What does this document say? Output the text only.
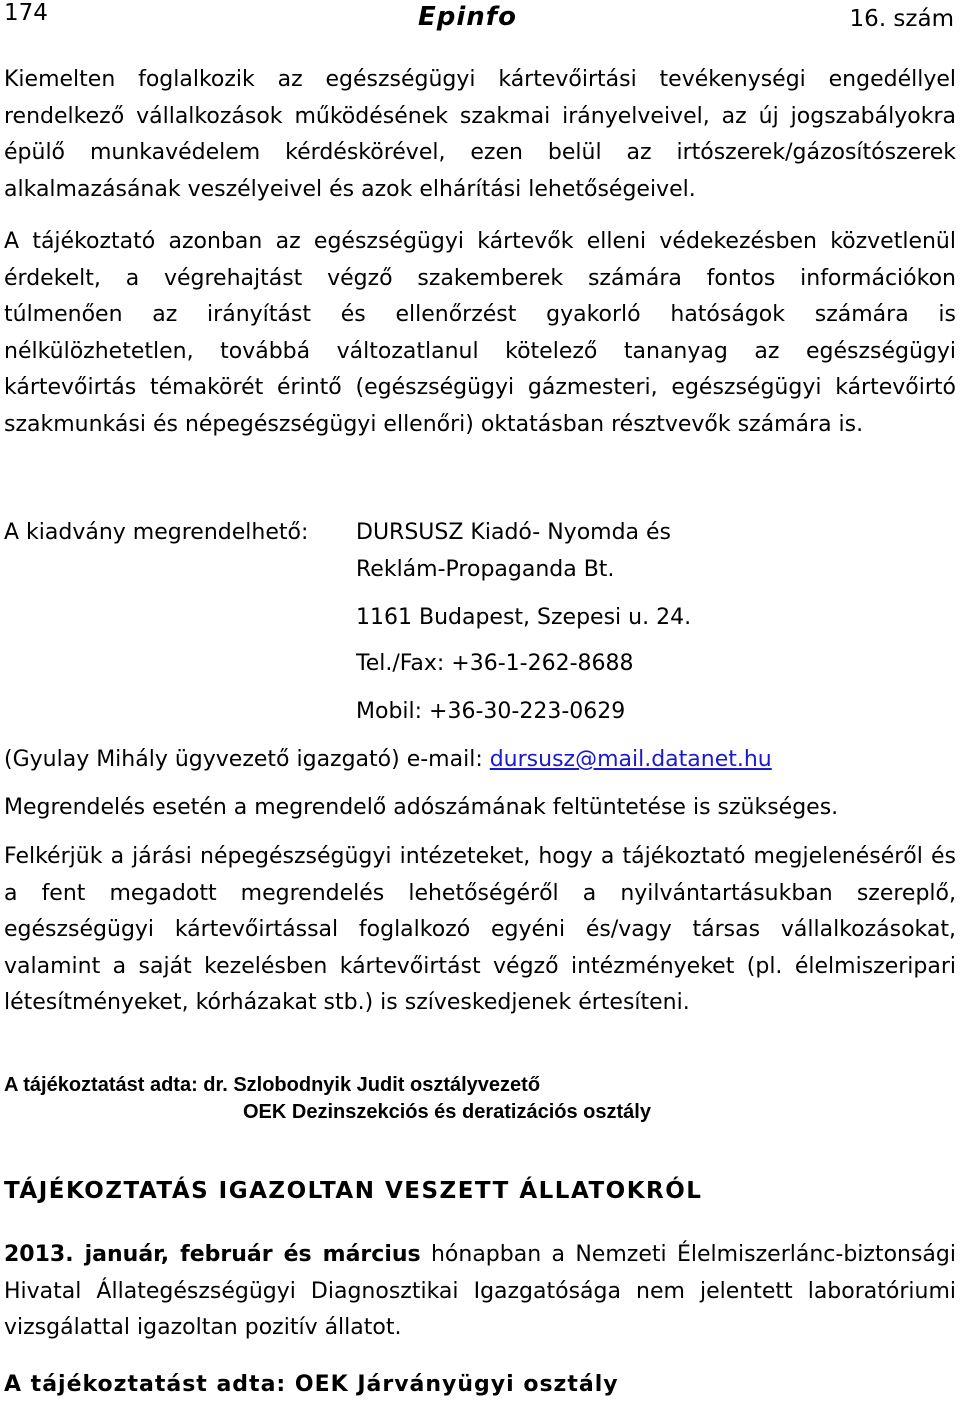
174	Epinfo	16. szám
Kiemelten foglalkozik az egészségügyi kártevőirtási tevékenységi engedéllyel rendelkező vállalkozások működésének szakmai irányelveivel, az új jogszabályokra épülő munkavédelem kérdéskörével, ezen belül az irtószerek/gázosítószerek alkalmazásának veszélyeivel és azok elhárítási lehetőségeivel.
A tájékoztató azonban az egészségügyi kártevők elleni védekezésben közvetlenül érdekelt, a végrehajtást végző szakemberek számára fontos információkon túlmenően az irányítást és ellenőrzést gyakorló hatóságok számára is nélkülözhetetlen, továbbá változatlanul kötelező tananyag az egészségügyi kártevőirtás témakörét érintő (egészségügyi gázmesteri, egészségügyi kártevőirtó szakmunkási és népegészségügyi ellenőri) oktatásban résztvevők számára is.
A kiadvány megrendelhető: DURSUSZ Kiadó- Nyomda és
Reklám-Propaganda Bt.
1161 Budapest, Szepesi u. 24.
Tel./Fax: +36-1-262-8688
Mobil: +36-30-223-0629
(Gyulay Mihály ügyvezető igazgató) e-mail: dursusz@mail.datanet.hu
Megrendelés esetén a megrendelő adószámának feltüntetése is szükséges.
Felkérjük a járási népegészségügyi intézeteket, hogy a tájékoztató megjelenéséről és a fent megadott megrendelés lehetőségéről a nyilvántartásukban szereplő, egészségügyi kártevőirtással foglalkozó egyéni és/vagy társas vállalkozásokat, valamint a saját kezelésben kártevőirtást végző intézményeket (pl. élelmiszeripari létesítményeket, kórházakat stb.) is szíveskedjenek értesíteni.
A tájékoztatást adta: dr. Szlobodnyik Judit osztályvezető
OEK Dezinszekciós és deratizációs osztály
TÁJÉKOZTATÁS IGAZOLTAN VESZETT ÁLLATOKRÓL
2013. január, február és március hónapban a Nemzeti Élelmiszerlánc-biztonsági Hivatal Állategészségügyi Diagnosztikai Igazgatósága nem jelentett laboratóriumi vizsgálattal igazoltan pozitív állatot.
A tájékoztatást adta: OEK Járványügyi osztály
